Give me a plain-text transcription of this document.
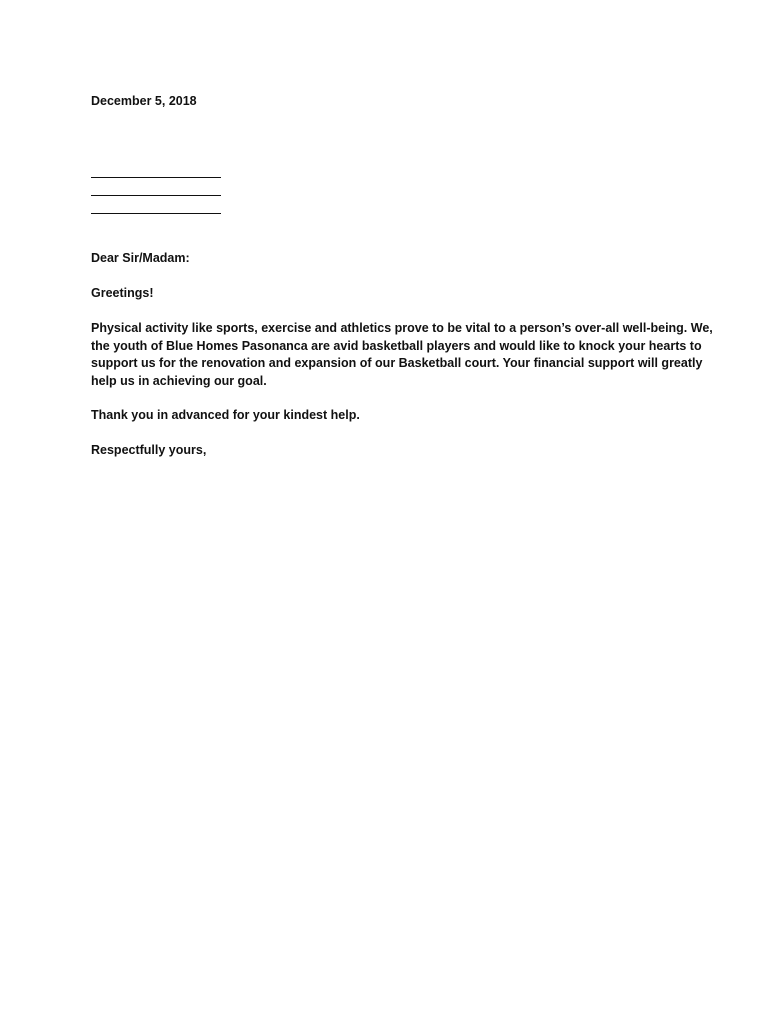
December 5, 2018
Dear Sir/Madam:
Greetings!
Physical activity like sports, exercise and athletics prove to be vital to a person’s over-all well-being. We,
the youth of Blue Homes Pasonanca are avid basketball players and would like to knock your hearts to
support us for the renovation and expansion of our Basketball court. Your financial support will greatly
help us in achieving our goal.
Thank you in advanced for your kindest help.
Respectfully yours,
